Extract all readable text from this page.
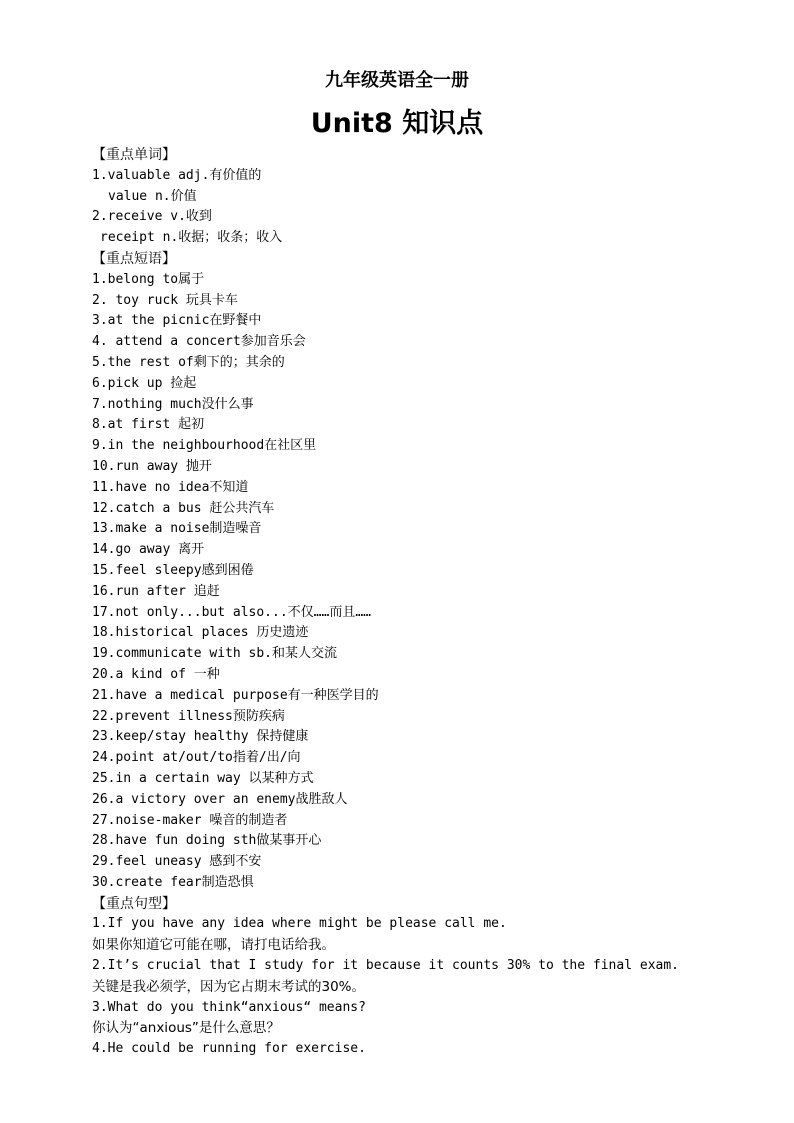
九年级英语全一册
Unit8 知识点
【重点单词】
1.valuable adj.有价值的
value n.价值
2.receive v.收到
receipt n.收据；收条；收入
【重点短语】
1.belong to属于
2. toy ruck 玩具卡车
3.at the picnic在野餐中
4. attend a concert参加音乐会
5.the rest of剩下的；其余的
6.pick up 捡起
7.nothing much没什么事
8.at first 起初
9.in the neighbourhood在社区里
10.run away 抛开
11.have no idea不知道
12.catch a bus 赶公共汽车
13.make a noise制造噪音
14.go away 离开
15.feel sleepy感到困倦
16.run after 追赶
17.not only...but also...不仅……而且……
18.historical places 历史遗迹
19.communicate with sb.和某人交流
20.a kind of 一种
21.have a medical purpose有一种医学目的
22.prevent illness预防疾病
23.keep/stay healthy 保持健康
24.point at/out/to指着/出/向
25.in a certain way 以某种方式
26.a victory over an enemy战胜敌人
27.noise-maker 噪音的制造者
28.have fun doing sth做某事开心
29.feel uneasy 感到不安
30.create fear制造恐惧
【重点句型】
1.If you have any idea where might be please call me.
如果你知道它可能在哪，请打电话给我。
2.It’s crucial that I study for it because it counts 30% to the final exam.
关键是我必须学，因为它占期末考试的30%。
3.What do you think“anxious“ means?
你认为“anxious”是什么意思？
4.He could be running for exercise.
